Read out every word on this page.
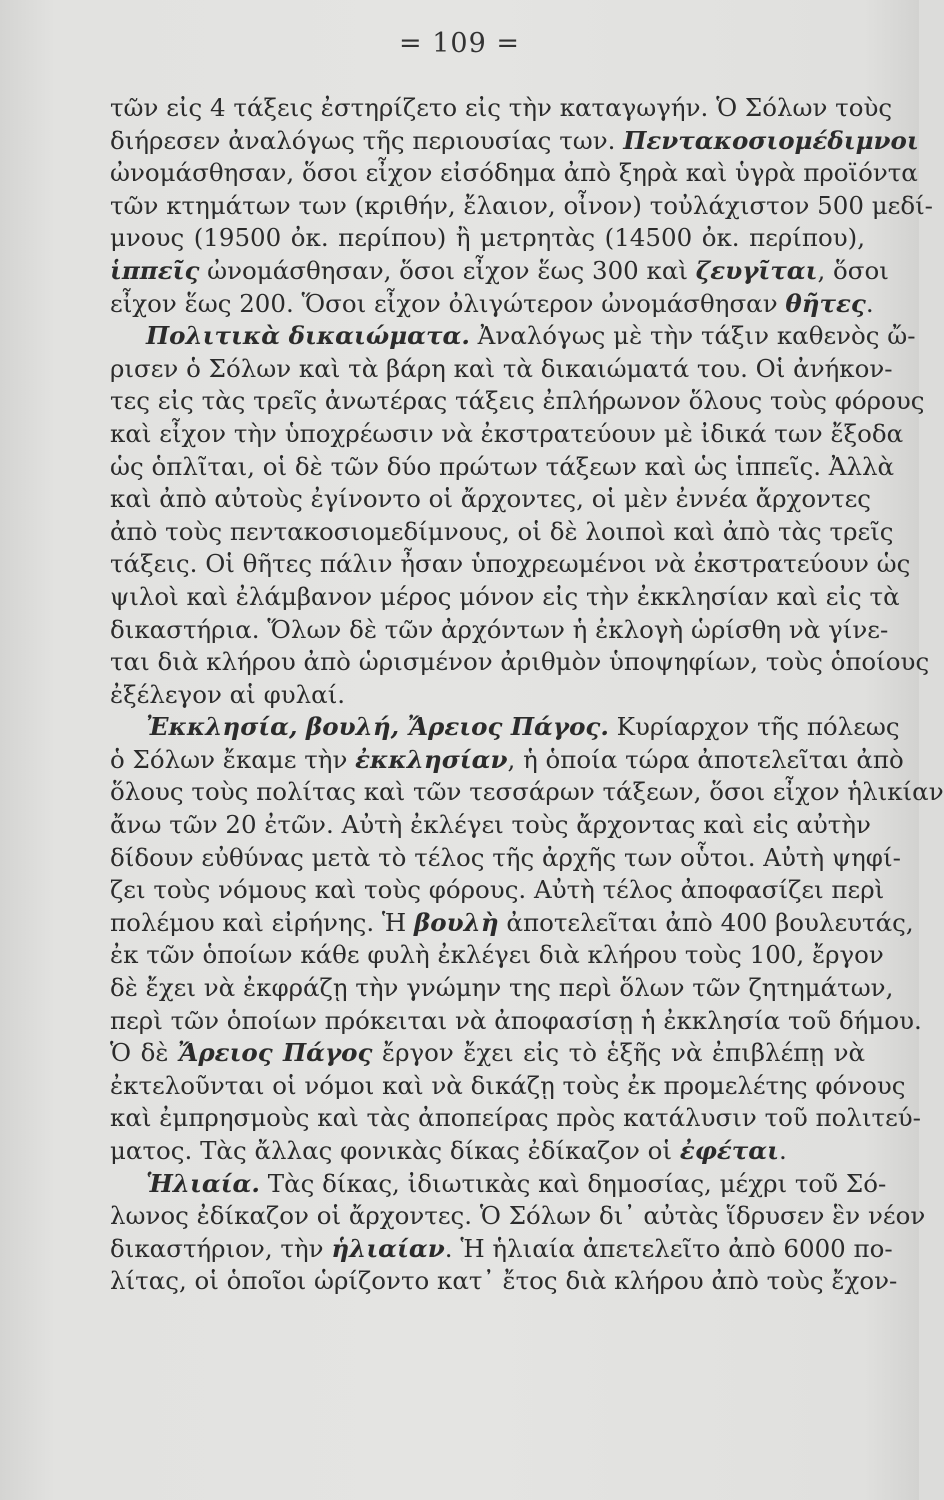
= 109 =
τῶν εἰς 4 τάξεις ἐστηρίζετο εἰς τὴν καταγωγήν. Ὁ Σόλων τοὺς
διήρεσεν ἀναλόγως τῆς περιουσίας των. Πεντακοσιομέδιμνοι
ὠνομάσθησαν, ὅσοι εἶχον εἰσόδημα ἀπὸ ξηρὰ καὶ ὑγρὰ προϊόντα
τῶν κτημάτων των (κριθήν, ἔλαιον, οἶνον) τοὐλάχιστον 500 μεδί-
μνους (19500 ὀκ. περίπου) ἢ μετρητὰς (14500 ὀκ. περίπου),
ἱππεῖς ὠνομάσθησαν, ὅσοι εἶχον ἕως 300 καὶ ζευγῖται, ὅσοι
εἶχον ἕως 200. Ὅσοι εἶχον ὀλιγώτερον ὠνομάσθησαν θῆτες.
Πολιτικὰ δικαιώματα. Ἀναλόγως μὲ τὴν τάξιν καθενὸς ὤ-
ρισεν ὁ Σόλων καὶ τὰ βάρη καὶ τὰ δικαιώματά του. Οἱ ἀνήκον-
τες εἰς τὰς τρεῖς ἀνωτέρας τάξεις ἐπλήρωνον ὅλους τοὺς φόρους
καὶ εἶχον τὴν ὑποχρέωσιν νὰ ἐκστρατεύουν μὲ ἰδικά των ἔξοδα
ὡς ὁπλῖται, οἱ δὲ τῶν δύο πρώτων τάξεων καὶ ὡς ἱππεῖς. Ἀλλὰ
καὶ ἀπὸ αὐτοὺς ἐγίνοντο οἱ ἄρχοντες, οἱ μὲν ἐννέα ἄρχοντες
ἀπὸ τοὺς πεντακοσιομεδίμνους, οἱ δὲ λοιποὶ καὶ ἀπὸ τὰς τρεῖς
τάξεις. Οἱ θῆτες πάλιν ἦσαν ὑποχρεωμένοι νὰ ἐκστρατεύουν ὡς
ψιλοὶ καὶ ἐλάμβανον μέρος μόνον εἰς τὴν ἐκκλησίαν καὶ εἰς τὰ
δικαστήρια. Ὅλων δὲ τῶν ἀρχόντων ἡ ἐκλογὴ ὡρίσθη νὰ γίνε-
ται διὰ κλήρου ἀπὸ ὡρισμένον ἀριθμὸν ὑποψηφίων, τοὺς ὁποίους
ἐξέλεγον αἱ φυλαί.
Ἐκκλησία, βουλή, Ἄρειος Πάγος. Κυρίαρχον τῆς πόλεως
ὁ Σόλων ἔκαμε τὴν ἐκκλησίαν, ἡ ὁποία τώρα ἀποτελεῖται ἀπὸ
ὅλους τοὺς πολίτας καὶ τῶν τεσσάρων τάξεων, ὅσοι εἶχον ἡλικίαν
ἄνω τῶν 20 ἐτῶν. Αὐτὴ ἐκλέγει τοὺς ἄρχοντας καὶ εἰς αὐτὴν
δίδουν εὐθύνας μετὰ τὸ τέλος τῆς ἀρχῆς των οὗτοι. Αὐτὴ ψηφί-
ζει τοὺς νόμους καὶ τοὺς φόρους. Αὐτὴ τέλος ἀποφασίζει περὶ
πολέμου καὶ εἰρήνης. Ἡ βουλὴ ἀποτελεῖται ἀπὸ 400 βουλευτάς,
ἐκ τῶν ὁποίων κάθε φυλὴ ἐκλέγει διὰ κλήρου τοὺς 100, ἔργον
δὲ ἔχει νὰ ἐκφράζῃ τὴν γνώμην της περὶ ὅλων τῶν ζητημάτων,
περὶ τῶν ὁποίων πρόκειται νὰ ἀποφασίσῃ ἡ ἐκκλησία τοῦ δήμου.
Ὁ δὲ Ἄρειος Πάγος ἔργον ἔχει εἰς τὸ ἑξῆς νὰ ἐπιβλέπῃ νὰ
ἐκτελοῦνται οἱ νόμοι καὶ νὰ δικάζῃ τοὺς ἐκ προμελέτης φόνους
καὶ ἐμπρησμοὺς καὶ τὰς ἀποπείρας πρὸς κατάλυσιν τοῦ πολιτεύ-
ματος. Τὰς ἄλλας φονικὰς δίκας ἐδίκαζον οἱ ἐφέται.
Ἡλιαία. Τὰς δίκας, ἰδιωτικὰς καὶ δημοσίας, μέχρι τοῦ Σό-
λωνος ἐδίκαζον οἱ ἄρχοντες. Ὁ Σόλων δι᾽ αὐτὰς ἵδρυσεν ἓν νέον
δικαστήριον, τὴν ἡλιαίαν. Ἡ ἡλιαία ἀπετελεῖτο ἀπὸ 6000 πο-
λίτας, οἱ ὁποῖοι ὡρίζοντο κατ᾽ ἔτος διὰ κλήρου ἀπὸ τοὺς ἔχον-
